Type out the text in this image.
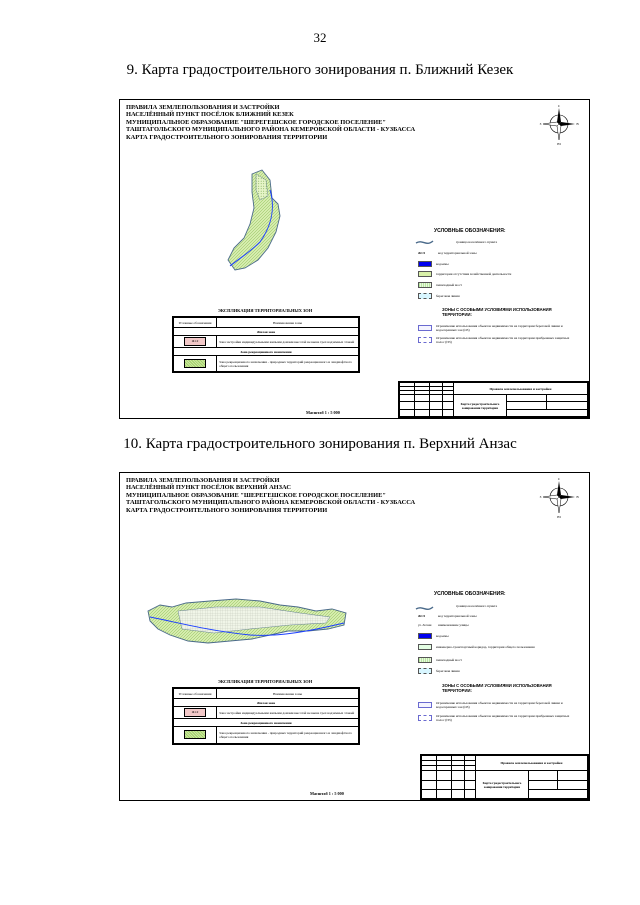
32
9. Карта градостроительного зонирования п. Ближний Кезек
ПРАВИЛА ЗЕМЛЕПОЛЬЗОВАНИЯ И ЗАСТРОЙКИ
НАСЕЛЁННЫЙ ПУНКТ ПОСЁЛОК БЛИЖНИЙ КЕЗЕК
МУНИЦИПАЛЬНОЕ ОБРАЗОВАНИЕ "ШЕРЕГЕШСКОЕ ГОРОДСКОЕ ПОСЕЛЕНИЕ"
ТАШТАГОЛЬСКОГО МУНИЦИПАЛЬНОГО РАЙОНА КЕМЕРОВСКОЙ ОБЛАСТИ - КУЗБАССА
КАРТА ГРАДОСТРОИТЕЛЬНОГО ЗОНИРОВАНИЯ ТЕРРИТОРИИ
С
Ю
З	В
УСЛОВНЫЕ ОБОЗНАЧЕНИЯ:
граница населённого пункта
Ж1.9	код территориальной зоны
водоемы
территория отсутствия хозяйственной деятельности
пешеходный мост
береговая линия
ЗОНЫ С ОСОБЫМИ УСЛОВИЯМИ ИСПОЛЬЗОВАНИЯ ТЕРРИТОРИИ:
Ограничение использования объектов недвижимости на территории береговой линии и водоохранных зон (ОЗ)
Ограничение использования объектов недвижимости на территории прибрежных защитных полос (ПЗ)
ЭКСПЛИКАЦИЯ ТЕРРИТОРИАЛЬНЫХ ЗОН
Условные обозначения	Наименование зоны
Жилая зона	
Ж1.9	Зона застройки индивидуальными жилыми домами высотой не выше трех надземных этажей
Зона рекреационного назначения	
	Зона рекреационного назначения - природных территорий рекреационного и ландшафтного общего пользования
				Правила землепользования и застройки		

				Карта градостроительного зонирования территории		

Масштаб 1 : 5 000
10. Карта градостроительного зонирования п. Верхний Анзас
ПРАВИЛА ЗЕМЛЕПОЛЬЗОВАНИЯ И ЗАСТРОЙКИ
НАСЕЛЁННЫЙ ПУНКТ ПОСЁЛОК ВЕРХНИЙ АНЗАС
МУНИЦИПАЛЬНОЕ ОБРАЗОВАНИЕ "ШЕРЕГЕШСКОЕ ГОРОДСКОЕ ПОСЕЛЕНИЕ"
ТАШТАГОЛЬСКОГО МУНИЦИПАЛЬНОГО РАЙОНА КЕМЕРОВСКОЙ ОБЛАСТИ - КУЗБАССА
КАРТА ГРАДОСТРОИТЕЛЬНОГО ЗОНИРОВАНИЯ ТЕРРИТОРИИ
С
Ю
З	В
УСЛОВНЫЕ ОБОЗНАЧЕНИЯ:
граница населённого пункта
Ж1.9	код территориальной зоны
ул. Лесная	наименование улицы
водоемы
инженерно-транспортный коридор, территория общего пользования
пешеходный мост
береговая линия
ЗОНЫ С ОСОБЫМИ УСЛОВИЯМИ ИСПОЛЬЗОВАНИЯ ТЕРРИТОРИИ:
Ограничение использования объектов недвижимости на территории береговой линии и водоохранных зон (ОЗ)
Ограничение использования объектов недвижимости на территории прибрежных защитных полос (ПЗ)
ЭКСПЛИКАЦИЯ ТЕРРИТОРИАЛЬНЫХ ЗОН
Условные обозначения	Наименование зоны
Жилая зона	
Ж1.9	Зона застройки индивидуальными жилыми домами высотой не выше трех надземных этажей
Зона рекреационного назначения	
	Зона рекреационного назначения - природных территорий рекреационного и ландшафтного общего пользования
				Правила землепользования и застройки		

				Карта градостроительного зонирования территории		

Масштаб 1 : 5 000
